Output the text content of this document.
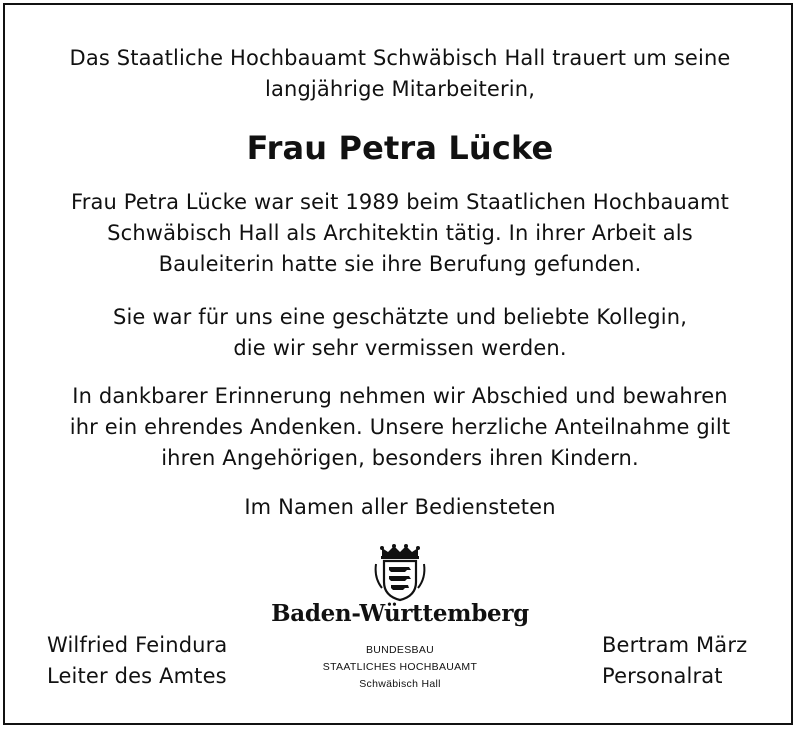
Das Staatliche Hochbauamt Schwäbisch Hall trauert um seine
langjährige Mitarbeiterin,
Frau Petra Lücke
Frau Petra Lücke war seit 1989 beim Staatlichen Hochbauamt
Schwäbisch Hall als Architektin tätig. In ihrer Arbeit als
Bauleiterin hatte sie ihre Berufung gefunden.
Sie war für uns eine geschätzte und beliebte Kollegin,
die wir sehr vermissen werden.
In dankbarer Erinnerung nehmen wir Abschied und bewahren
ihr ein ehrendes Andenken. Unsere herzliche Anteilnahme gilt
ihren Angehörigen, besonders ihren Kindern.
Im Namen aller Bediensteten
Baden-Württemberg
BUNDESBAU
STAATLICHES HOCHBAUAMT
Schwäbisch Hall
Wilfried Feindura
Leiter des Amtes
Bertram März
Personalrat
